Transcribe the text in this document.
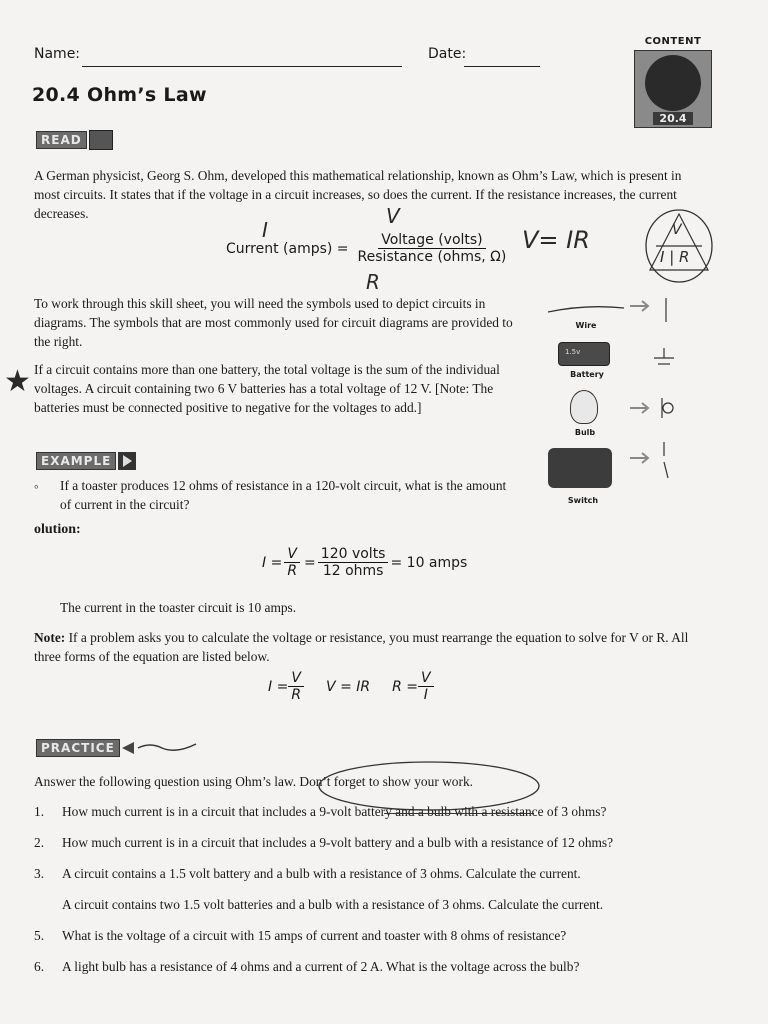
Name:	Date:
CONTENT
20.4
20.4 Ohm’s Law
READ
A German physicist, Georg S. Ohm, developed this mathematical relationship, known as Ohm’s Law, which is present in most circuits. It states that if the voltage in a circuit increases, so does the current. If the resistance increases, the current decreases.
I
V
R
Current (amps) = $\frac{\text{Voltage (volts)}}{\text{Resistance (ohms, Ω)}} V=$ IR	V
I | R
To work through this skill sheet, you will need the symbols used to depict circuits in diagrams. The symbols that are most commonly used for circuit diagrams are provided to the right.
★ If a circuit contains more than one battery, the total voltage is the sum of the individual voltages. A circuit containing two 6 V batteries has a total voltage of 12 V. [Note: The batteries must be connected positive to negative for the voltages to add.]
Wire
1.5v
Battery
Bulb
Switch
EXAMPLE
◦ If a toaster produces 12 ohms of resistance in a 120-volt circuit, what is the amount of current in the circuit?
olution:
$I = \frac{V}{R} = \frac{\text{120 volts}}{\text{12 ohms}} = 10$ amps
The current in the toaster circuit is 10 amps.
Note: If a problem asks you to calculate the voltage or resistance, you must rearrange the equation to solve for V or R. All three forms of the equation are listed below.
$I = \frac{V}{R}$ V = IR $R = \frac{V}{I}$
PRACTICE
Answer the following question using Ohm’s law. Don’t forget to show your work.
1. How much current is in a circuit that includes a 9-volt battery and a bulb with a resistance of 3 ohms?
2. How much current is in a circuit that includes a 9-volt battery and a bulb with a resistance of 12 ohms?
3. A circuit contains a 1.5 volt battery and a bulb with a resistance of 3 ohms. Calculate the current.
A circuit contains two 1.5 volt batteries and a bulb with a resistance of 3 ohms. Calculate the current.
5. What is the voltage of a circuit with 15 amps of current and toaster with 8 ohms of resistance?
6. A light bulb has a resistance of 4 ohms and a current of 2 A. What is the voltage across the bulb?
